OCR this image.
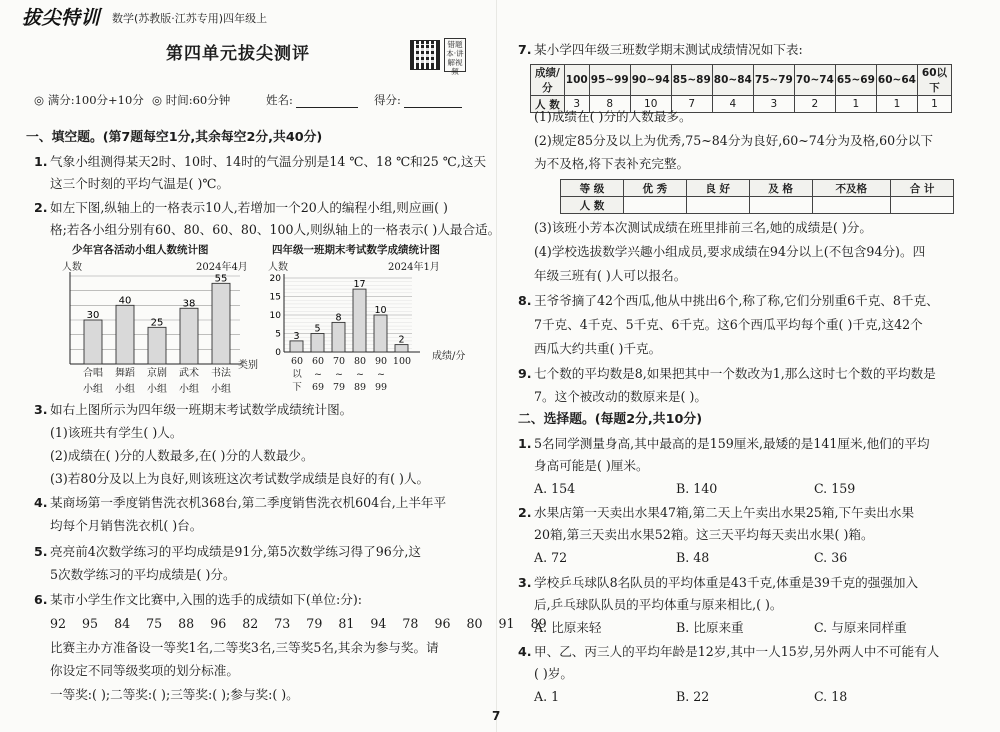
拔尖特训 数学(苏教版·江苏专用)四年级上
第四单元拔尖测评	错题本·讲解视频
◎ 满分:100分+10分 ◎ 时间:60分钟	姓名:	得分:
一、填空题。(第7题每空1分,其余每空2分,共40分)
1. 气象小组测得某天2时、10时、14时的气温分别是14 ℃、18 ℃和25 ℃,这天
这三个时刻的平均气温是( )℃。
2. 如左下图,纵轴上的一格表示10人,若增加一个20人的编程小组,则应画( )
格;若各小组分别有60、80、60、80、100人,则纵轴上的一格表示( )人最合适。
少年宫各活动小组人数统计图
人数	2024年4月
30
40
25
38
55
类别
合唱
小组
舞蹈
小组
京剧
小组
武术
小组
书法
小组
四年级一班期末考试数学成绩统计图
人数	2024年1月
0
5
10
15
20
3
5
8
17
10
2
成绩/分
60
以
下
60
~
69
70
~
79
80
~
89
90
~
99
100
3. 如右上图所示为四年级一班期末考试数学成绩统计图。
(1)该班共有学生( )人。
(2)成绩在( )分的人数最多,在( )分的人数最少。
(3)若80分及以上为良好,则该班这次考试数学成绩是良好的有( )人。
4. 某商场第一季度销售洗衣机368台,第二季度销售洗衣机604台,上半年平
均每个月销售洗衣机( )台。
5. 亮亮前4次数学练习的平均成绩是91分,第5次数学练习得了96分,这
5次数学练习的平均成绩是( )分。
6. 某市小学生作文比赛中,入围的选手的成绩如下(单位:分):
92    95    84    75    88    96    82    73    79    81    94    78    96    80    91    89
比赛主办方准备设一等奖1名,二等奖3名,三等奖5名,其余为参与奖。请
你设定不同等级奖项的划分标准。
一等奖:( );二等奖:( );三等奖:( );参与奖:( )。
7
7. 某小学四年级三班数学期末测试成绩情况如下表:
成绩/分	100	95~99	90~94	85~89	80~84	75~79	70~74	65~69	60~64	60以下
人 数	3	8	10	7	4	3	2	1	1	1
(1)成绩在( )分的人数最多。
(2)规定85分及以上为优秀,75~84分为良好,60~74分为及格,60分以下
为不及格,将下表补充完整。
等 级	优 秀	良 好	及 格	不及格	合 计
人 数					
(3)该班小芳本次测试成绩在班里排前三名,她的成绩是( )分。
(4)学校选拔数学兴趣小组成员,要求成绩在94分以上(不包含94分)。四
年级三班有( )人可以报名。
8. 王爷爷摘了42个西瓜,他从中挑出6个,称了称,它们分别重6千克、8千克、
7千克、4千克、5千克、6千克。这6个西瓜平均每个重( )千克,这42个
西瓜大约共重( )千克。
9. 七个数的平均数是8,如果把其中一个数改为1,那么这时七个数的平均数是
7。这个被改动的数原来是( )。
二、选择题。(每题2分,共10分)
1. 5名同学测量身高,其中最高的是159厘米,最矮的是141厘米,他们的平均
身高可能是( )厘米。
A. 154	B. 140	C. 159
2. 水果店第一天卖出水果47箱,第二天上午卖出水果25箱,下午卖出水果
20箱,第三天卖出水果52箱。这三天平均每天卖出水果( )箱。
A. 72	B. 48	C. 36
3. 学校乒乓球队8名队员的平均体重是43千克,体重是39千克的强强加入
后,乒乓球队队员的平均体重与原来相比,( )。
A. 比原来轻	B. 比原来重	C. 与原来同样重
4. 甲、乙、丙三人的平均年龄是12岁,其中一人15岁,另外两人中不可能有人
( )岁。
A. 1	B. 22	C. 18
